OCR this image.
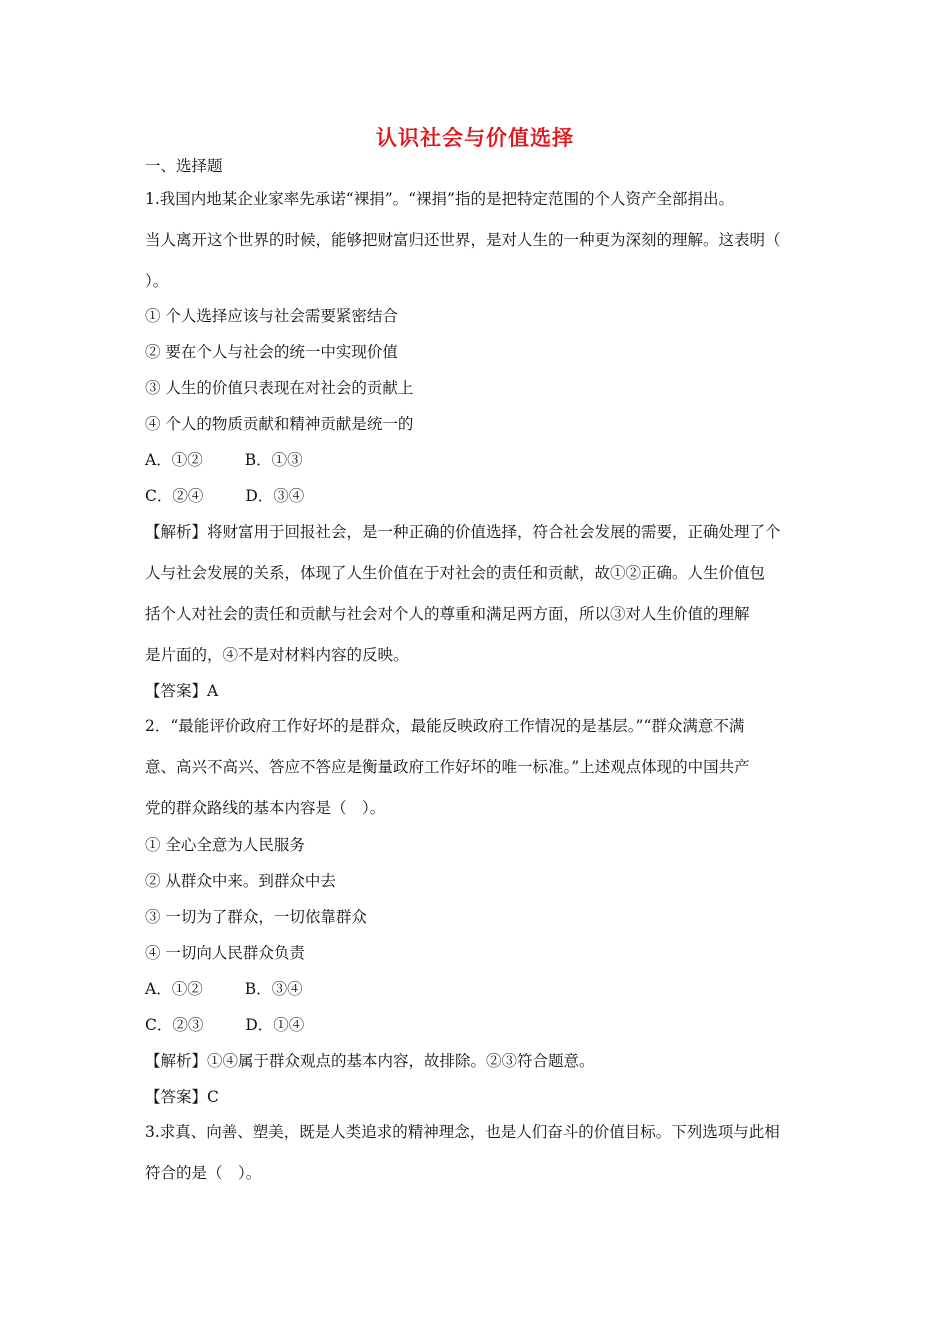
认识社会与价值选择
一、选择题
1.我国内地某企业家率先承诺“裸捐”。“裸捐”指的是把特定范围的个人资产全部捐出。
当人离开这个世界的时候，能够把财富归还世界，是对人生的一种更为深刻的理解。这表明（
）。
① 个人选择应该与社会需要紧密结合
② 要在个人与社会的统一中实现价值
③ 人生的价值只表现在对社会的贡献上
④ 个人的物质贡献和精神贡献是统一的
A．①②	B．①③
C．②④	D．③④
【解析】将财富用于回报社会，是一种正确的价值选择，符合社会发展的需要，正确处理了个
人与社会发展的关系，体现了人生价值在于对社会的责任和贡献，故①②正确。人生价值包
括个人对社会的责任和贡献与社会对个人的尊重和满足两方面，所以③对人生价值的理解
是片面的，④不是对材料内容的反映。
【答案】A
2．“最能评价政府工作好坏的是群众，最能反映政府工作情况的是基层。”“群众满意不满
意、高兴不高兴、答应不答应是衡量政府工作好坏的唯一标准。”上述观点体现的中国共产
党的群众路线的基本内容是（　）。
① 全心全意为人民服务
② 从群众中来。到群众中去
③ 一切为了群众，一切依靠群众
④ 一切向人民群众负责
A．①②	B．③④
C．②③	D．①④
【解析】①④属于群众观点的基本内容，故排除。②③符合题意。
【答案】C
3.求真、向善、塑美，既是人类追求的精神理念，也是人们奋斗的价值目标。下列选项与此相
符合的是（　）。
